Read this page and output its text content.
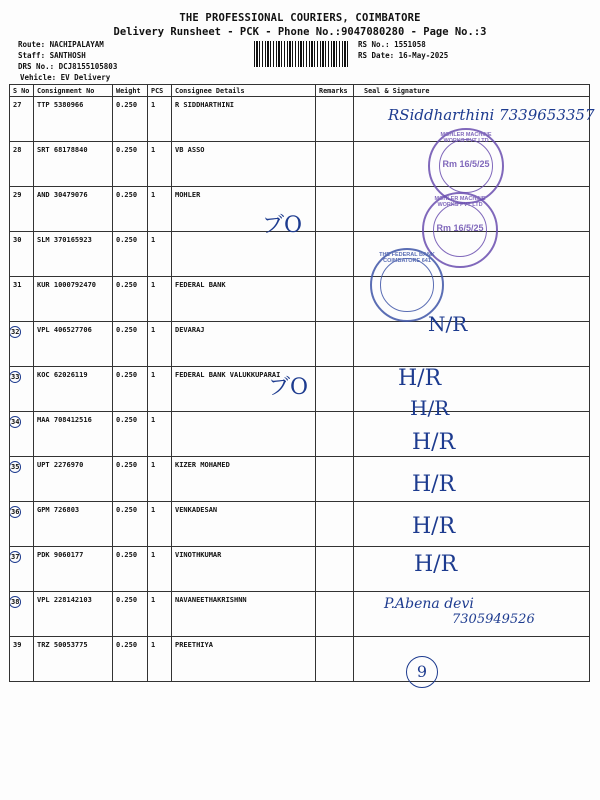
THE PROFESSIONAL COURIERS, COIMBATORE
Delivery Runsheet - PCK - Phone No.:9047080280 - Page No.:3
Route: NACHIPALAYAM
Staff: SANTHOSH
DRS No.: DCJ8155105803
Vehicle: EV Delivery
RS No.: 1551058
RS Date: 16-May-2025
S No	Consignment No	Weight	PCS	Consignee Details	Remarks	Seal & Signature
27	TTP 5380966	0.250	1	R SIDDHARTHINI		
28	SRT 68178840	0.250	1	VB ASSO		
29	AND 30479076	0.250	1	MOHLER		
30	SLM 370165923	0.250	1			
31	KUR 1000792470	0.250	1	FEDERAL BANK		
32	VPL 406527706	0.250	1	DEVARAJ		
33	KOC 62026119	0.250	1	FEDERAL BANK VALUKKUPARAI		
34	MAA 708412516	0.250	1			
35	UPT 2276970	0.250	1	KIZER MOHAMED		
36	GPM 726803	0.250	1	VENKADESAN		
37	PDK 9060177	0.250	1	VINOTHKUMAR		
38	VPL 228142103	0.250	1	NAVANEETHAKRISHNN		
39	TRZ 50053775	0.250	1	PREETHIYA		
MOHLER MACHINE WORKS PVT LTD
Rm 16/5/25
MOHLER MACHINE WORKS PVT LTD
Rm 16/5/25
THE FEDERAL BANK COIMBATORE 641
RSiddharthini 7339653357
ブO
ブO
N/R
H/R
H/R
H/R
H/R
H/R
H/R
P.Abena devi
7305949526
9
